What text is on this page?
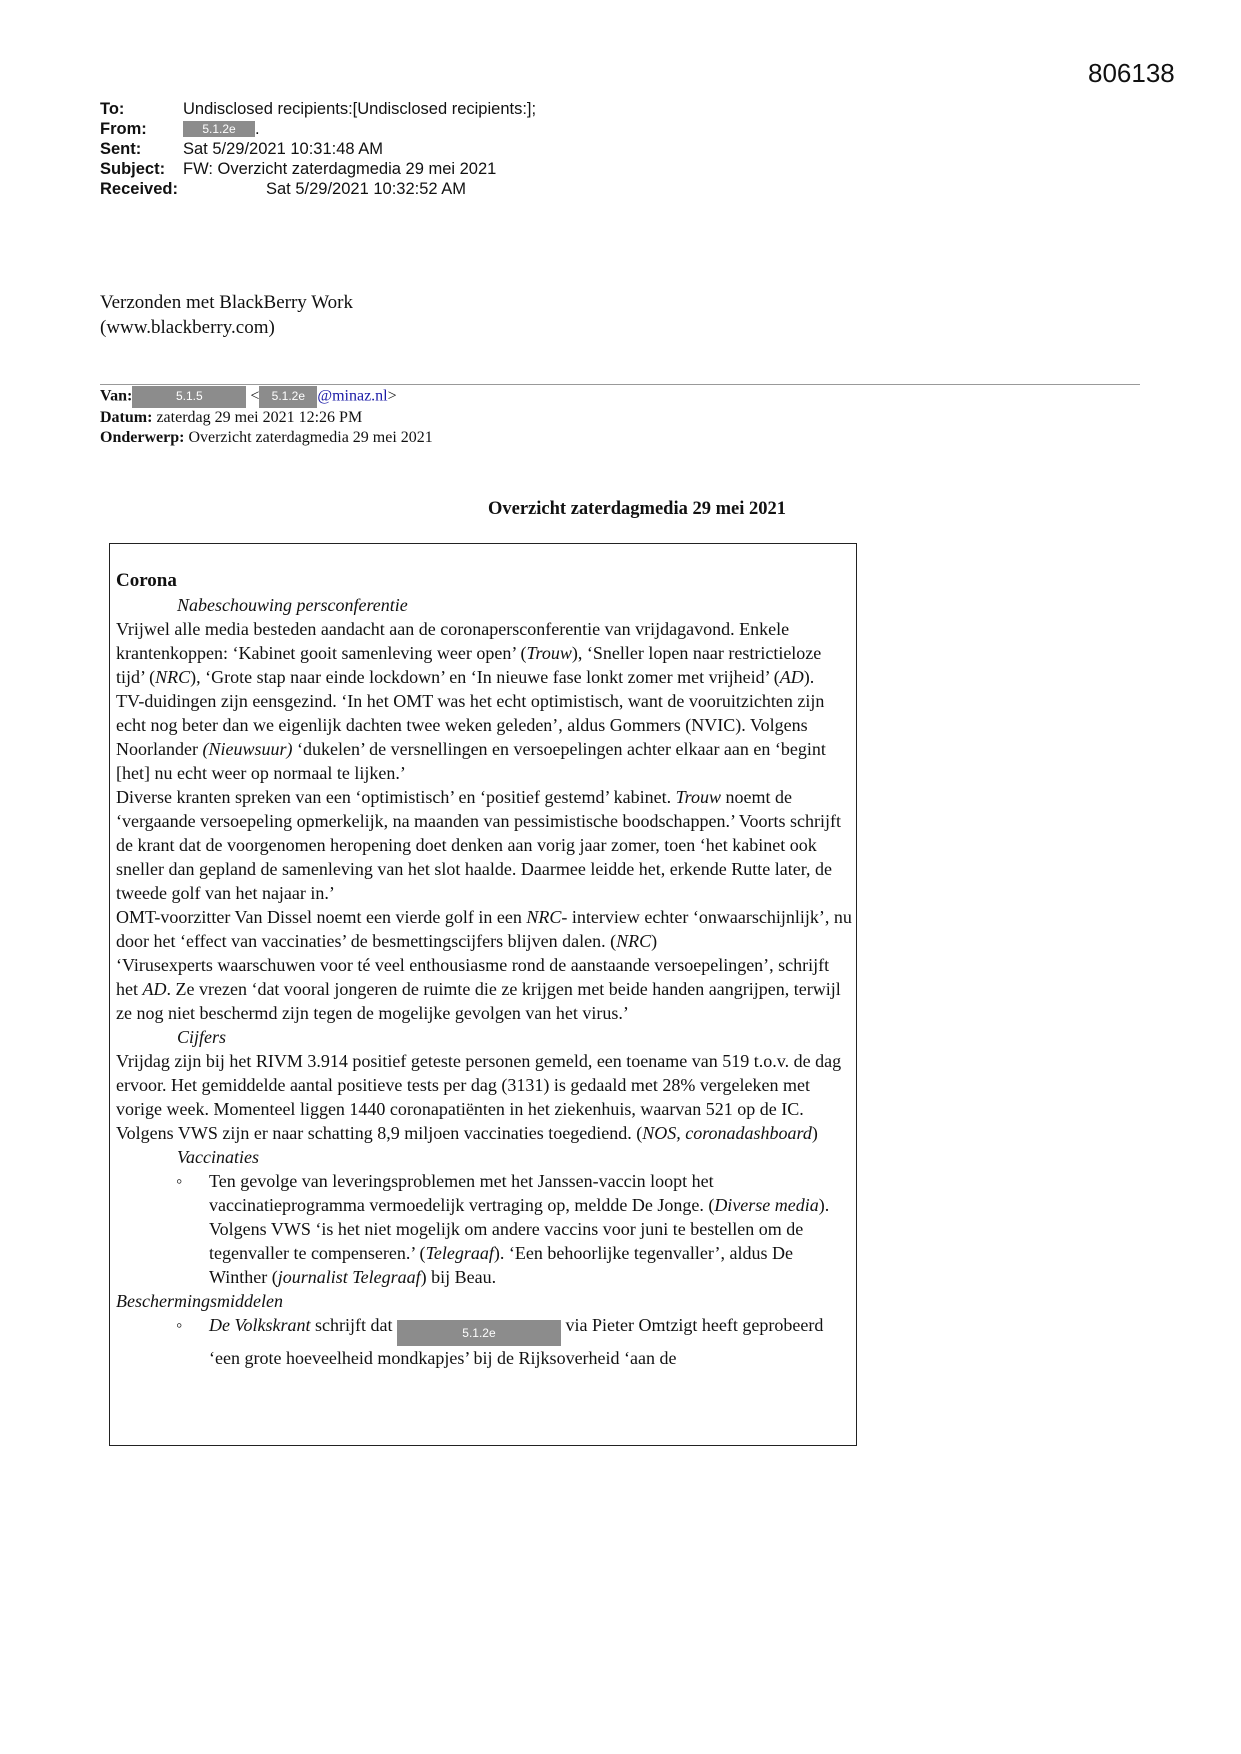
806138
To:	Undisclosed recipients:[Undisclosed recipients:];
From:	5.1.2e	.
Sent:	Sat 5/29/2021 10:31:48 AM
Subject:	FW: Overzicht zaterdagmedia 29 mei 2021
Received:	Sat 5/29/2021 10:32:52 AM
Verzonden met BlackBerry Work
(www.blackberry.com)
Van:	5.1.5	< 5.1.2e @minaz.nl>
Datum: zaterdag 29 mei 2021 12:26 PM
Onderwerp: Overzicht zaterdagmedia 29 mei 2021
Overzicht zaterdagmedia 29 mei 2021
Corona
Nabeschouwing persconferentie

Vrijwel alle media besteden aandacht aan de coronapersconferentie van vrijdagavond. Enkele krantenkoppen: ‘Kabinet gooit samenleving weer open’ (Trouw), ‘Sneller lopen naar restrictieloze tijd’ (NRC), ‘Grote stap naar einde lockdown’ en ‘In nieuwe fase lonkt zomer met vrijheid’ (AD).

TV-duidingen zijn eensgezind. ‘In het OMT was het echt optimistisch, want de vooruitzichten zijn echt nog beter dan we eigenlijk dachten twee weken geleden’, aldus Gommers (NVIC). Volgens Noorlander (Nieuwsuur) ‘dukelen’ de versnellingen en versoepelingen achter elkaar aan en ‘begint [het] nu echt weer op normaal te lijken.’

Diverse kranten spreken van een ‘optimistisch’ en ‘positief gestemd’ kabinet. Trouw noemt de ‘vergaande versoepeling opmerkelijk, na maanden van pessimistische boodschappen.’ Voorts schrijft de krant dat de voorgenomen heropening doet denken aan vorig jaar zomer, toen ‘het kabinet ook sneller dan gepland de samenleving van het slot haalde. Daarmee leidde het, erkende Rutte later, de tweede golf van het najaar in.’

OMT-voorzitter Van Dissel noemt een vierde golf in een NRC- interview echter ‘onwaarschijnlijk’, nu door het ‘effect van vaccinaties’ de besmettingscijfers blijven dalen. (NRC)

‘Virusexperts waarschuwen voor té veel enthousiasme rond de aanstaande versoepelingen’, schrijft het AD. Ze vrezen ‘dat vooral jongeren de ruimte die ze krijgen met beide handen aangrijpen, terwijl ze nog niet beschermd zijn tegen de mogelijke gevolgen van het virus.’

Cijfers

Vrijdag zijn bij het RIVM 3.914 positief geteste personen gemeld, een toename van 519 t.o.v. de dag ervoor. Het gemiddelde aantal positieve tests per dag (3131) is gedaald met 28% vergeleken met vorige week. Momenteel liggen 1440 coronapatiënten in het ziekenhuis, waarvan 521 op de IC. Volgens VWS zijn er naar schatting 8,9 miljoen vaccinaties toegediend. (NOS, coronadashboard)

Vaccinaties
◦ Ten gevolge van leveringsproblemen met het Janssen-vaccin loopt het vaccinatieprogramma vermoedelijk vertraging op, meldde De Jonge. (Diverse media). Volgens VWS ‘is het niet mogelijk om andere vaccins voor juni te bestellen om de tegenvaller te compenseren.’ (Telegraaf). ‘Een behoorlijke tegenvaller’, aldus De Winther (journalist Telegraaf) bij Beau.
Beschermingsmiddelen
◦ De Volkskrant schrijft dat	5.1.2e	via Pieter Omtzigt heeft geprobeerd ‘een grote hoeveelheid mondkapjes’ bij de Rijksoverheid ‘aan de
